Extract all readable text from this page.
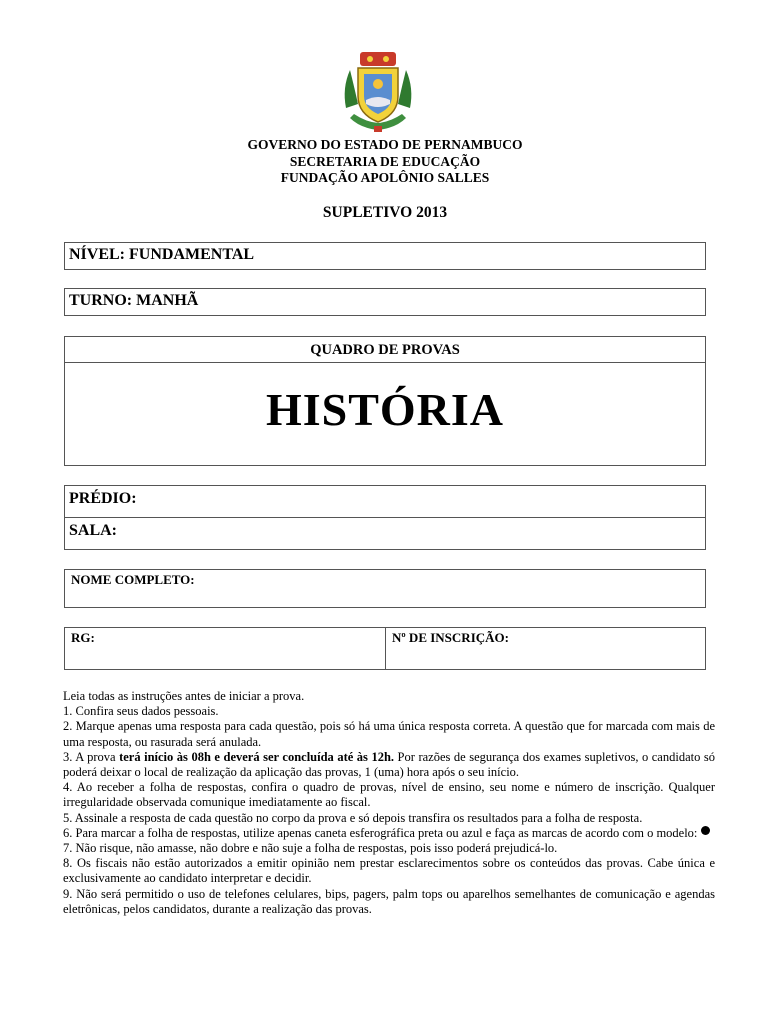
GOVERNO DO ESTADO DE PERNAMBUCO
SECRETARIA DE EDUCAÇÃO
FUNDAÇÃO APOLÔNIO SALLES
SUPLETIVO 2013
NÍVEL: FUNDAMENTAL
TURNO: MANHÃ
QUADRO DE PROVAS
HISTÓRIA
PRÉDIO:
SALA:
NOME COMPLETO:
RG:	Nº DE INSCRIÇÃO:

Leia todas as instruções antes de iniciar a prova.

1. Confira seus dados pessoais.

2. Marque apenas uma resposta para cada questão, pois só há uma única resposta correta. A questão que for marcada com mais de uma resposta, ou rasurada será anulada.

3. A prova terá início às 08h e deverá ser concluída até às 12h. Por razões de segurança dos exames supletivos, o candidato só poderá deixar o local de realização da aplicação das provas, 1 (uma) hora após o seu início.

4. Ao receber a folha de respostas, confira o quadro de provas, nível de ensino, seu nome e número de inscrição. Qualquer irregularidade observada comunique imediatamente ao fiscal.

5. Assinale a resposta de cada questão no corpo da prova e só depois transfira os resultados para a folha de resposta.

6. Para marcar a folha de respostas, utilize apenas caneta esferográfica preta ou azul e faça as marcas de acordo com o modelo:

7. Não risque, não amasse, não dobre e não suje a folha de respostas, pois isso poderá prejudicá-lo.

8. Os fiscais não estão autorizados a emitir opinião nem prestar esclarecimentos sobre os conteúdos das provas. Cabe única e exclusivamente ao candidato interpretar e decidir.

9. Não será permitido o uso de telefones celulares, bips, pagers, palm tops ou aparelhos semelhantes de comunicação e agendas eletrônicas, pelos candidatos, durante a realização das provas.
